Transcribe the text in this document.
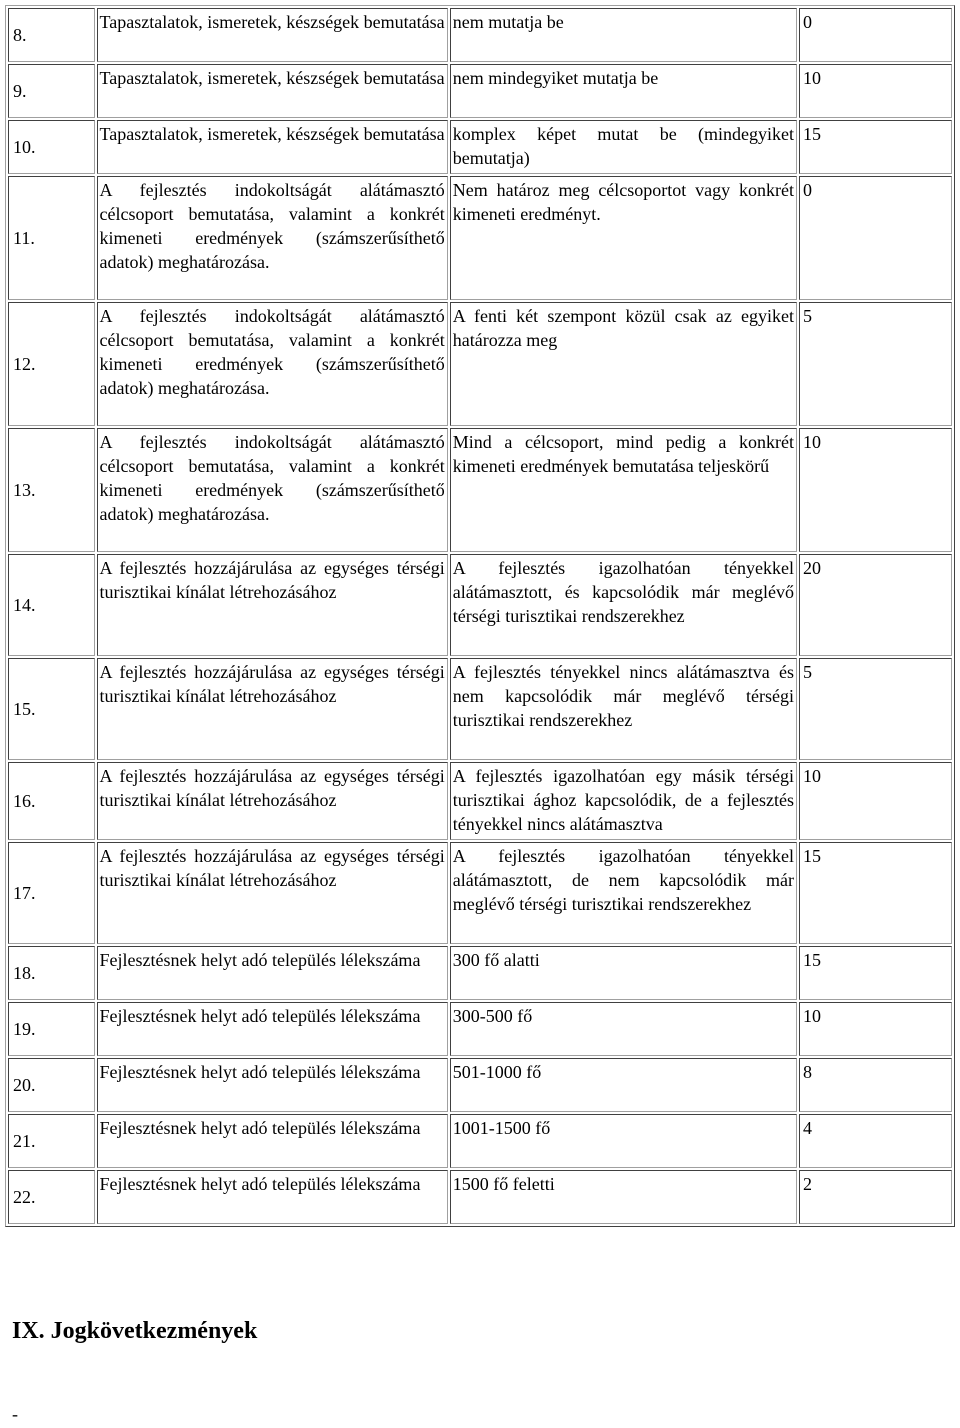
8.	Tapasztalatok, ismeretek, készségek bemutatása	nem mutatja be	0
9.	Tapasztalatok, ismeretek, készségek bemutatása	nem mindegyiket mutatja be	10
10.	Tapasztalatok, ismeretek, készségek bemutatása	komplex képet mutat be (mindegyiket bemutatja)	15
11.	A fejlesztés indokoltságát alátámasztó célcsoport bemutatása, valamint a konkrét kimeneti eredmények (számszerűsíthető adatok) meghatározása.	Nem határoz meg célcsoportot vagy konkrét kimeneti eredményt.	0
12.	A fejlesztés indokoltságát alátámasztó célcsoport bemutatása, valamint a konkrét kimeneti eredmények (számszerűsíthető adatok) meghatározása.	A fenti két szempont közül csak az egyiket határozza meg	5
13.	A fejlesztés indokoltságát alátámasztó célcsoport bemutatása, valamint a konkrét kimeneti eredmények (számszerűsíthető adatok) meghatározása.	Mind a célcsoport, mind pedig a konkrét kimeneti eredmények bemutatása teljeskörű	10
14.	A fejlesztés hozzájárulása az egységes térségi turisztikai kínálat létrehozásához	A fejlesztés igazolhatóan tényekkel alátámasztott, és kapcsolódik már meglévő térségi turisztikai rendszerekhez	20
15.	A fejlesztés hozzájárulása az egységes térségi turisztikai kínálat létrehozásához	A fejlesztés tényekkel nincs alátámasztva és nem kapcsolódik már meglévő térségi turisztikai rendszerekhez	5
16.	A fejlesztés hozzájárulása az egységes térségi turisztikai kínálat létrehozásához	A fejlesztés igazolhatóan egy másik térségi turisztikai ághoz kapcsolódik, de a fejlesztés tényekkel nincs alátámasztva	10
17.	A fejlesztés hozzájárulása az egységes térségi turisztikai kínálat létrehozásához	A fejlesztés igazolhatóan tényekkel alátámasztott, de nem kapcsolódik már meglévő térségi turisztikai rendszerekhez	15
18.	Fejlesztésnek helyt adó település lélekszáma	300 fő alatti	15
19.	Fejlesztésnek helyt adó település lélekszáma	300-500 fő	10
20.	Fejlesztésnek helyt adó település lélekszáma	501-1000 fő	8
21.	Fejlesztésnek helyt adó település lélekszáma	1001-1500 fő	4
22.	Fejlesztésnek helyt adó település lélekszáma	1500 fő feletti	2
IX. Jogkövetkezmények
-
